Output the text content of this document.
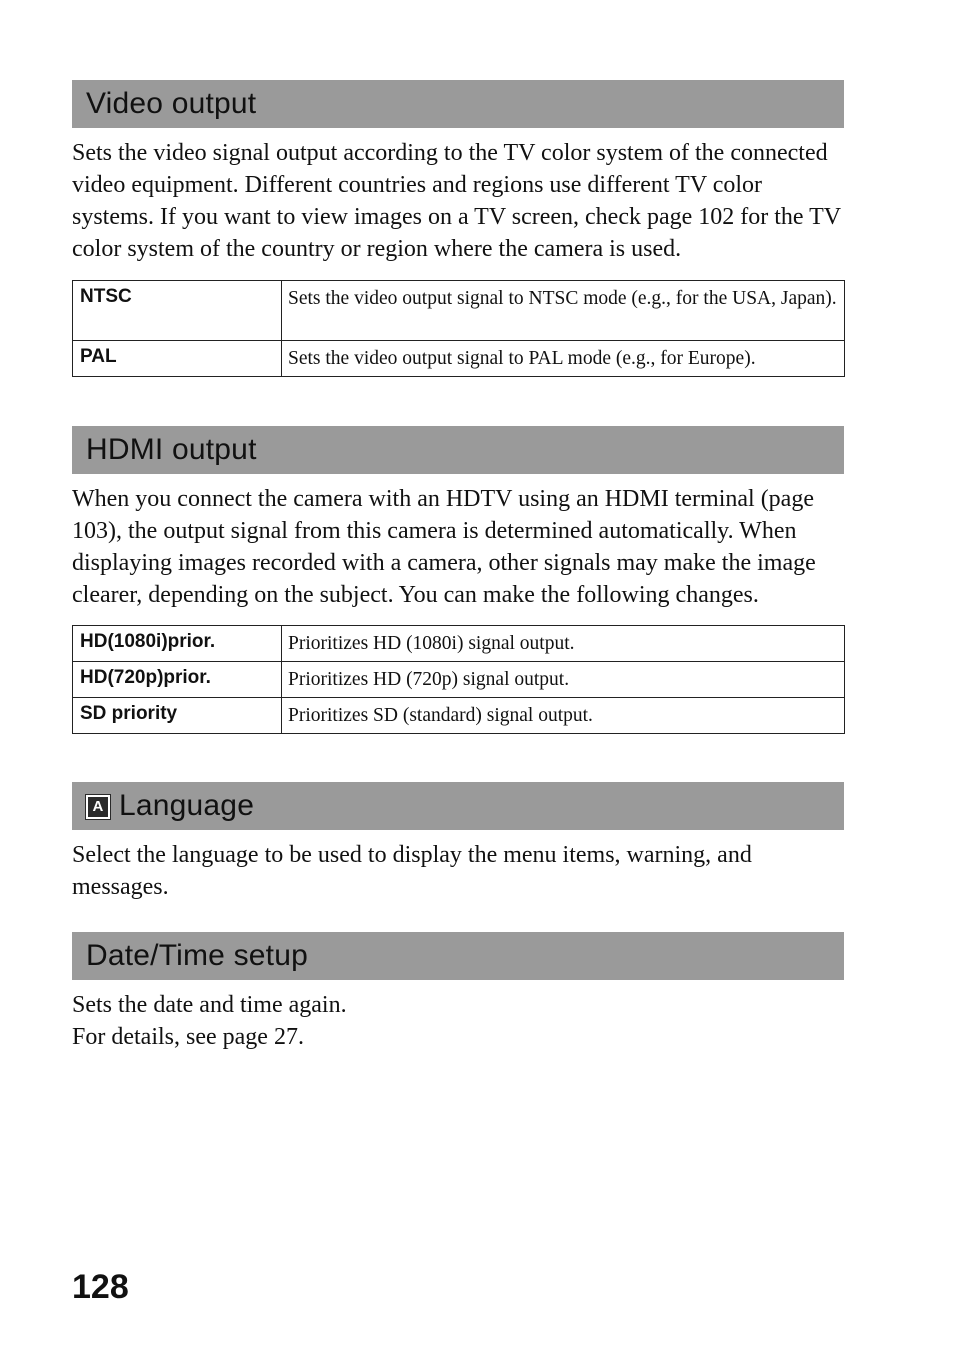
Video output

Sets the video signal output according to the TV color system of the connected video equipment. Different countries and regions use different TV color systems. If you want to view images on a TV screen, check page 102 for the TV color system of the country or region where the camera is used.

NTSC	Sets the video output signal to NTSC mode (e.g., for the USA, Japan).
PAL	Sets the video output signal to PAL mode (e.g., for Europe).
HDMI output

When you connect the camera with an HDTV using an HDMI terminal (page 103), the output signal from this camera is determined automatically. When displaying images recorded with a camera, other signals may make the image clearer, depending on the subject. You can make the following changes.

HD(1080i)prior.	Prioritizes HD (1080i) signal output.
HD(720p)prior.	Prioritizes HD (720p) signal output.
SD priority	Prioritizes SD (standard) signal output.
A Language

Select the language to be used to display the menu items, warning, and messages.

Date/Time setup

Sets the date and time again.

For details, see page 27.

128
